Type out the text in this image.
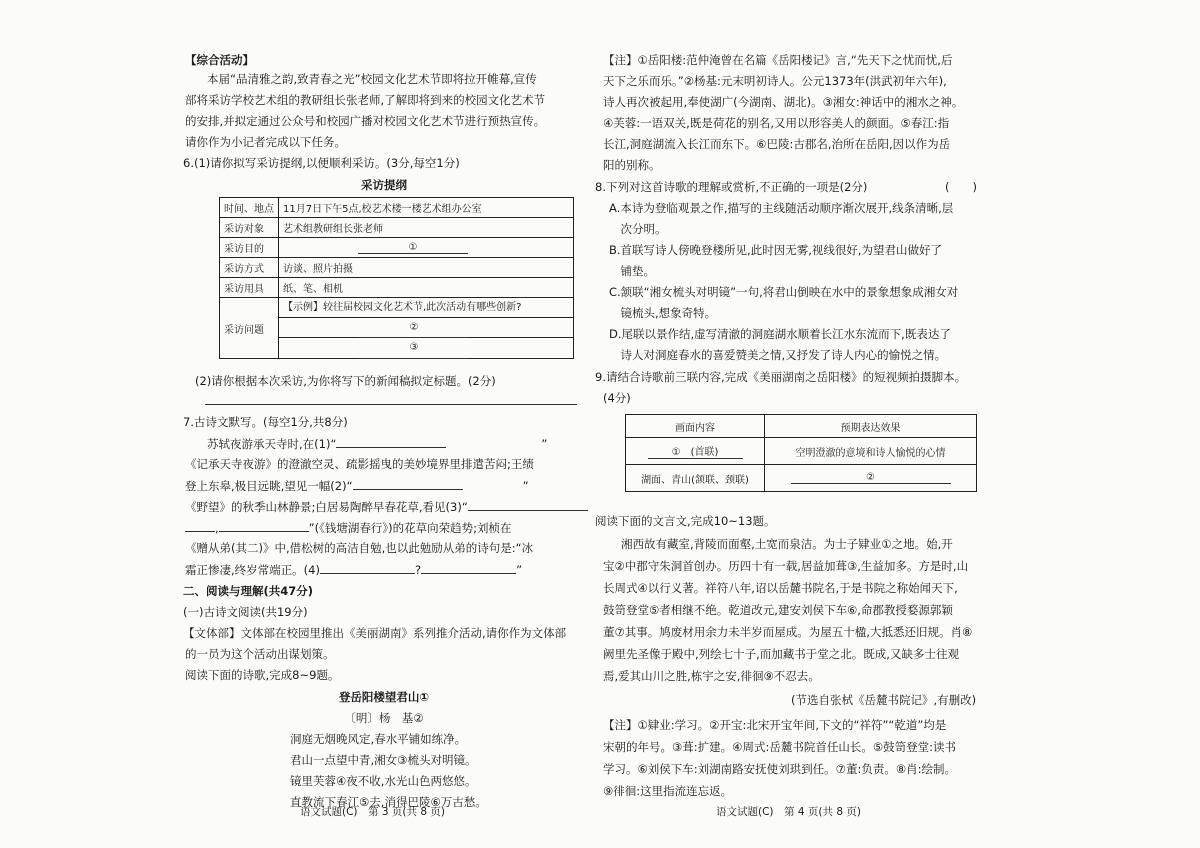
【综合活动】
本届“品清雅之韵,致青春之光”校园文化艺术节即将拉开帷幕,宣传
部将采访学校艺术组的教研组长张老师,了解即将到来的校园文化艺术节
的安排,并拟定通过公众号和校园广播对校园文化艺术节进行预热宣传。
请你作为小记者完成以下任务。
6.(1)请你拟写采访提纲,以便顺利采访。(3分,每空1分)
采访提纲
时间、地点	11月7日下午5点,校艺术楼一楼艺术组办公室
采访对象	艺术组教研组长张老师
采访目的	①
采访方式	访谈、照片拍摄
采访用具	纸、笔、相机
采访问题	【示例】较往届校园文化艺术节,此次活动有哪些创新?
②
③
(2)请你根据本次采访,为你将写下的新闻稿拟定标题。(2分)
7.古诗文默写。(每空1分,共8分)
苏轼夜游承天寺时,在(1)“	”
《记承天寺夜游》的澄澈空灵、疏影摇曳的美妙境界里排遣苦闷;王绩
登上东皋,极目远眺,望见一幅(2)“	”
《野望》的秋季山林静景;白居易陶醉早春花草,看见(3)“
,	”(《钱塘湖春行》)的花草向荣趋势;刘桢在
《赠从弟(其二)》中,借松树的高洁自勉,也以此勉励从弟的诗句是:“冰
霜正惨凄,终岁常端正。(4)	?	”
二、阅读与理解(共47分)
(一)古诗文阅读(共19分)
【文体部】文体部在校园里推出《美丽湖南》系列推介活动,请你作为文体部
的一员为这个活动出谋划策。
阅读下面的诗歌,完成8~9题。
登岳阳楼望君山①
〔明〕杨　基②
洞庭无烟晚风定,春水平铺如练净。
君山一点望中青,湘女③梳头对明镜。
镜里芙蓉④夜不收,水光山色两悠悠。
直教流下春江⑤去,消得巴陵⑥万古愁。
语文试题(C)　第 3 页(共 8 页)
【注】①岳阳楼:范仲淹曾在名篇《岳阳楼记》言,“先天下之忧而忧,后
天下之乐而乐。”②杨基:元末明初诗人。公元1373年(洪武初年六年),
诗人再次被起用,奉使湖广(今湖南、湖北)。③湘女:神话中的湘水之神。
④芙蓉:一语双关,既是荷花的别名,又用以形容美人的颜面。⑤春江:指
长江,洞庭湖流入长江而东下。⑥巴陵:古郡名,治所在岳阳,因以作为岳
阳的别称。
8.下列对这首诗歌的理解或赏析,不正确的一项是(2分)	(　　)
A.本诗为登临观景之作,描写的主线随活动顺序渐次展开,线条清晰,层
　次分明。
B.首联写诗人傍晚登楼所见,此时因无雾,视线很好,为望君山做好了
　铺垫。
C.颔联“湘女梳头对明镜”一句,将君山倒映在水中的景象想象成湘女对
　镜梳头,想象奇特。
D.尾联以景作结,虚写清澈的洞庭湖水顺着长江水东流而下,既表达了
　诗人对洞庭春水的喜爱赞美之情,又抒发了诗人内心的愉悦之情。
9.请结合诗歌前三联内容,完成《美丽湖南之岳阳楼》的短视频拍摄脚本。
(4分)
画面内容	预期表达效果
①　(首联)	空明澄澈的意境和诗人愉悦的心情
湖面、青山(颔联、颈联)	②
阅读下面的文言文,完成10~13题。
湘西故有藏室,背陵而面壑,土宽而泉洁。为士子肄业①之地。始,开
宝②中郡守朱洞首创办。历四十有一载,居益加葺③,生益加多。方是时,山
长周式④以行义著。祥符八年,诏以岳麓书院名,于是书院之称始闻天下,
鼓笥登堂⑤者相继不绝。乾道改元,建安刘侯下车⑥,命郡教授婺源郭颖
董⑦其事。鸠废材用余力未半岁而屋成。为屋五十楹,大抵悉还旧规。肖⑧
阙里先圣像于殿中,列绘七十子,而加藏书于堂之北。既成,又缺多士往观
焉,爱其山川之胜,栋宇之安,徘徊⑨不忍去。
(节选自张栻《岳麓书院记》,有删改)
【注】①肄业:学习。②开宝:北宋开宝年间,下文的“祥符”“乾道”均是
宋朝的年号。③葺:扩建。④周式:岳麓书院首任山长。⑤鼓笥登堂:读书
学习。⑥刘侯下车:刘湖南路安抚使刘珙到任。⑦董:负责。⑧肖:绘制。
⑨徘徊:这里指流连忘返。
语文试题(C)　第 4 页(共 8 页)
